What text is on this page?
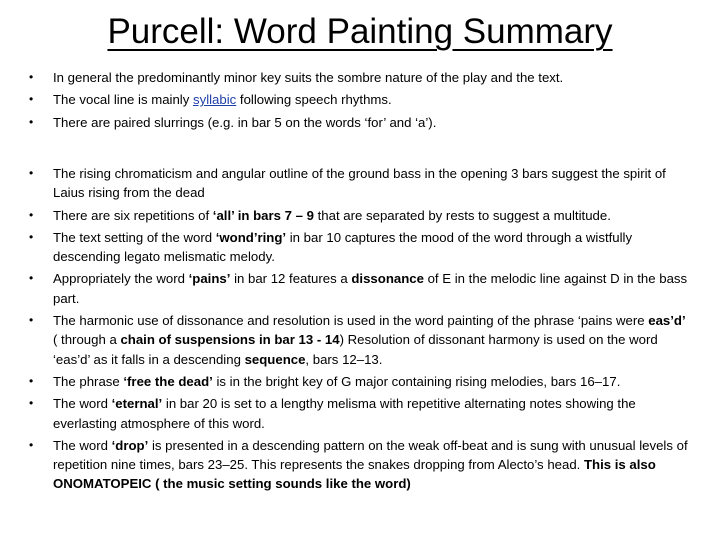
Purcell: Word Painting Summary
• In general the predominantly minor key suits the sombre nature of the play and the text.
• The vocal line is mainly syllabic following speech rhythms.
• There are paired slurrings (e.g. in bar 5 on the words ‘for’ and ‘a’).
• The rising chromaticism and angular outline of the ground bass in the opening 3 bars suggest the spirit of Laius rising from the dead
• There are six repetitions of ‘all’ in bars 7 – 9 that are separated by rests to suggest a multitude.
• The text setting of the word ‘wond’ring’ in bar 10 captures the mood of the word through a wistfully descending legato melismatic melody.
• Appropriately the word ‘pains’ in bar 12 features a dissonance of E in the melodic line against D in the bass part.
• The harmonic use of dissonance and resolution is used in the word painting of the phrase ‘pains were eas’d’ ( through a chain of suspensions in bar 13 - 14) Resolution of dissonant harmony is used on the word ‘eas’d’ as it falls in a descending sequence, bars 12–13.
• The phrase ‘free the dead’ is in the bright key of G major containing rising melodies, bars 16–17.
• The word ‘eternal’ in bar 20 is set to a lengthy melisma with repetitive alternating notes showing the everlasting atmosphere of this word.
• The word ‘drop’ is presented in a descending pattern on the weak off-beat and is sung with unusual levels of repetition nine times, bars 23–25. This represents the snakes dropping from Alecto’s head. This is also ONOMATOPEIC ( the music setting sounds like the word)
